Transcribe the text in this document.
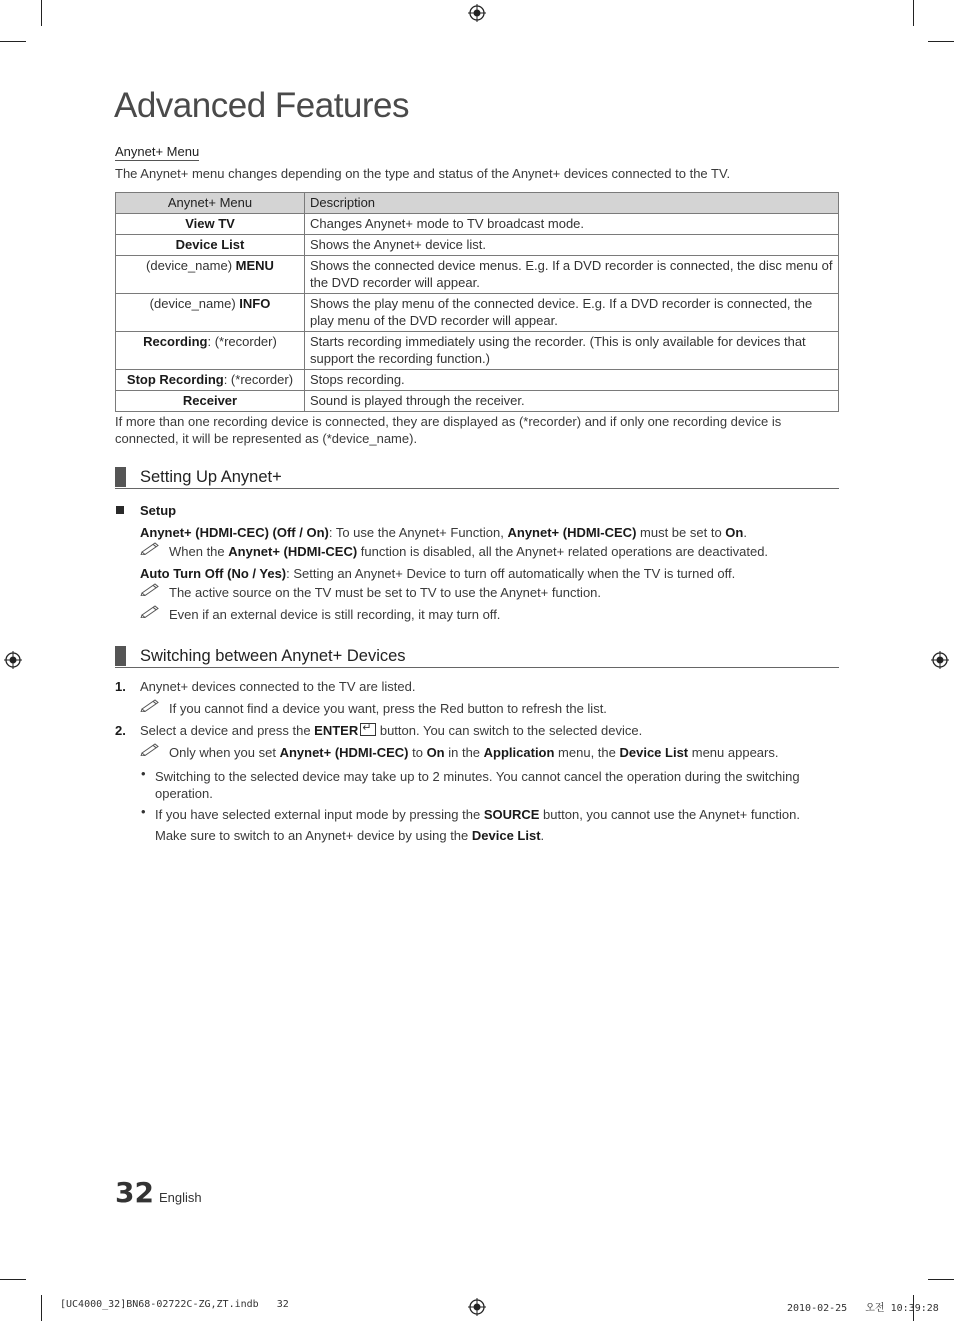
Advanced Features
Anynet+ Menu
The Anynet+ menu changes depending on the type and status of the Anynet+ devices connected to the TV.
Anynet+ Menu	Description
View TV	Changes Anynet+ mode to TV broadcast mode.
Device List	Shows the Anynet+ device list.
(device_name) MENU	Shows the connected device menus. E.g. If a DVD recorder is connected, the disc menu of the DVD recorder will appear.
(device_name) INFO	Shows the play menu of the connected device. E.g. If a DVD recorder is connected, the play menu of the DVD recorder will appear.
Recording: (*recorder)	Starts recording immediately using the recorder. (This is only available for devices that support the recording function.)
Stop Recording: (*recorder)	Stops recording.
Receiver	Sound is played through the receiver.
If more than one recording device is connected, they are displayed as (*recorder) and if only one recording device is connected, it will be represented as (*device_name).
Setting Up Anynet+
Setup
Anynet+ (HDMI-CEC) (Off / On): To use the Anynet+ Function, Anynet+ (HDMI-CEC) must be set to On.
When the Anynet+ (HDMI-CEC) function is disabled, all the Anynet+ related operations are deactivated.
Auto Turn Off (No / Yes): Setting an Anynet+ Device to turn off automatically when the TV is turned off.
The active source on the TV must be set to TV to use the Anynet+ function.
Even if an external device is still recording, it may turn off.
Switching between Anynet+ Devices
1. Anynet+ devices connected to the TV are listed.
If you cannot find a device you want, press the Red button to refresh the list.
2. Select a device and press the ENTER↵ button. You can switch to the selected device.
Only when you set Anynet+ (HDMI-CEC) to On in the Application menu, the Device List menu appears.
• Switching to the selected device may take up to 2 minutes. You cannot cancel the operation during the switching operation.
• If you have selected external input mode by pressing the SOURCE button, you cannot use the Anynet+ function.
Make sure to switch to an Anynet+ device by using the Device List.
32 English
[UC4000_32]BN68-02722C-ZG,ZT.indb   32	2010-02-25   오전 10:39:28
